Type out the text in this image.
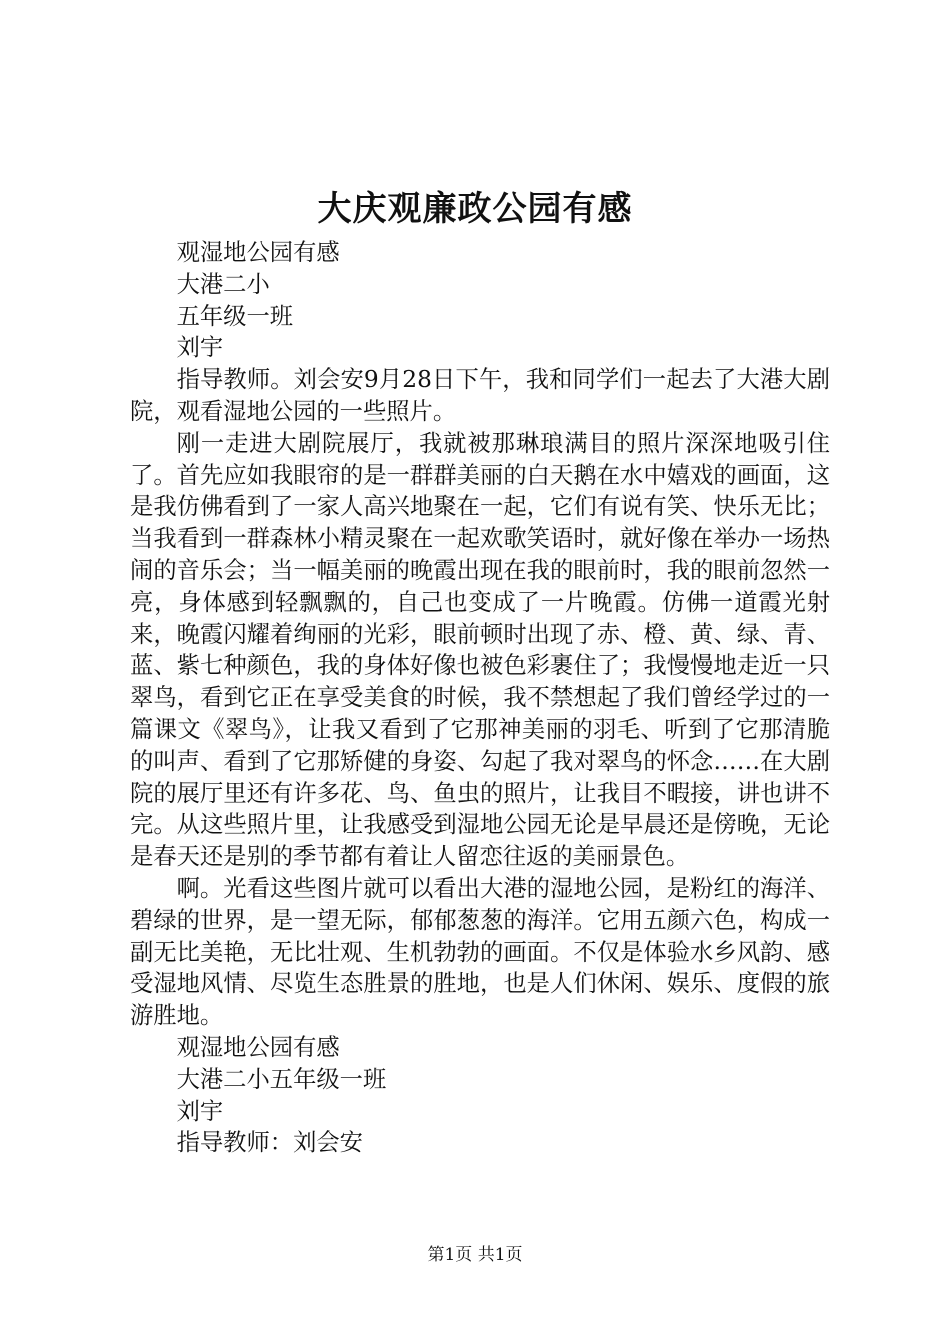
大庆观廉政公园有感

观湿地公园有感

大港二小

五年级一班

刘宇

指导教师。刘会安9月28日下午，我和同学们一起去了大港大剧院，观看湿地公园的一些照片。

刚一走进大剧院展厅，我就被那琳琅满目的照片深深地吸引住了。首先应如我眼帘的是一群群美丽的白天鹅在水中嬉戏的画面，这是我仿佛看到了一家人高兴地聚在一起，它们有说有笑、快乐无比；当我看到一群森林小精灵聚在一起欢歌笑语时，就好像在举办一场热闹的音乐会；当一幅美丽的晚霞出现在我的眼前时，我的眼前忽然一亮，身体感到轻飘飘的，自己也变成了一片晚霞。仿佛一道霞光射来，晚霞闪耀着绚丽的光彩，眼前顿时出现了赤、橙、黄、绿、青、蓝、紫七种颜色，我的身体好像也被色彩裹住了；我慢慢地走近一只翠鸟，看到它正在享受美食的时候，我不禁想起了我们曾经学过的一篇课文《翠鸟》，让我又看到了它那神美丽的羽毛、听到了它那清脆的叫声、看到了它那矫健的身姿、勾起了我对翠鸟的怀念……在大剧院的展厅里还有许多花、鸟、鱼虫的照片，让我目不暇接，讲也讲不完。从这些照片里，让我感受到湿地公园无论是早晨还是傍晚，无论是春天还是别的季节都有着让人留恋往返的美丽景色。

啊。光看这些图片就可以看出大港的湿地公园，是粉红的海洋、碧绿的世界，是一望无际，郁郁葱葱的海洋。它用五颜六色，构成一副无比美艳，无比壮观、生机勃勃的画面。不仅是体验水乡风韵、感受湿地风情、尽览生态胜景的胜地，也是人们休闲、娱乐、度假的旅游胜地。

观湿地公园有感

大港二小五年级一班

刘宇

指导教师：刘会安

第1页 共1页
